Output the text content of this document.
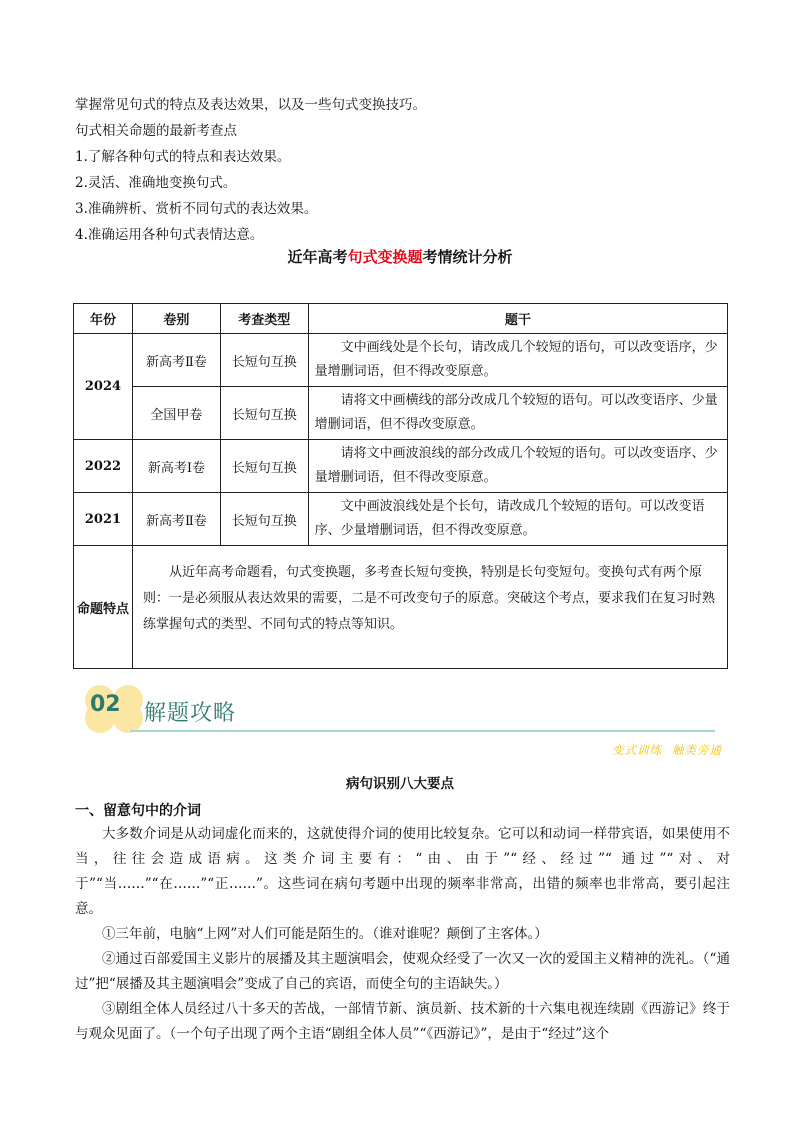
掌握常见句式的特点及表达效果，以及一些句式变换技巧。

句式相关命题的最新考查点

1.了解各种句式的特点和表达效果。

2.灵活、准确地变换句式。

3.准确辨析、赏析不同句式的表达效果。

4.准确运用各种句式表情达意。

近年高考句式变换题考情统计分析
年份	卷别	考查类型	题干
2024	新高考Ⅱ卷	长短句互换	文中画线处是个长句，请改成几个较短的语句，可以改变语序，少量增删词语，但不得改变原意。
	全国甲卷	长短句互换	请将文中画横线的部分改成几个较短的语句。可以改变语序、少量增删词语，但不得改变原意。
2022	新高考Ⅰ卷	长短句互换	请将文中画波浪线的部分改成几个较短的语句。可以改变语序、少量增删词语，但不得改变原意。
2021	新高考Ⅱ卷	长短句互换	文中画波浪线处是个长句，请改成几个较短的语句。可以改变语序、少量增删词语，但不得改变原意。
命题特点	从近年高考命题看，句式变换题，多考查长短句变换，特别是长句变短句。变换句式有两个原则：一是必须服从表达效果的需要，二是不可改变句子的原意。突破这个考点，要求我们在复习时熟练掌握句式的类型、不同句式的特点等知识。		
02 解题攻略
变式训练 触类旁通
病句识别八大要点
一、留意句中的介词

大多数介词是从动词虚化而来的，这就使得介词的使用比较复杂。它可以和动词一样带宾语，如果使用不当，往往会造成语病。这类介词主要有：“由、由于”“经、经过”“ 通过”“对、对于”“当……”“在……”“正……”。这些词在病句考题中出现的频率非常高，出错的频率也非常高，要引起注意。

①三年前，电脑“上网”对人们可能是陌生的。（谁对谁呢？颠倒了主客体。）

②通过百部爱国主义影片的展播及其主题演唱会，使观众经受了一次又一次的爱国主义精神的洗礼。（“通过”把“展播及其主题演唱会”变成了自己的宾语，而使全句的主语缺失。）

③剧组全体人员经过八十多天的苦战，一部情节新、演员新、技术新的十六集电视连续剧《西游记》终于与观众见面了。（一个句子出现了两个主语“剧组全体人员”“《西游记》”，是由于“经过”这个
